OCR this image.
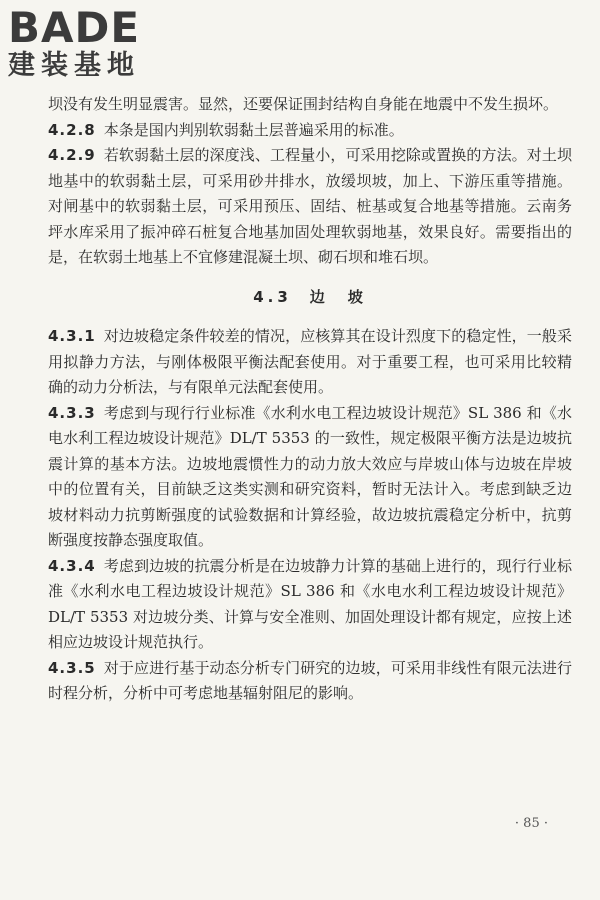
BADE
建装基地

坝没有发生明显震害。显然，还要保证围封结构自身能在地震中不发生损坏。

4.2.8 本条是国内判别软弱黏土层普遍采用的标准。

4.2.9 若软弱黏土层的深度浅、工程量小，可采用挖除或置换的方法。对土坝地基中的软弱黏土层，可采用砂井排水，放缓坝坡，加上、下游压重等措施。对闸基中的软弱黏土层，可采用预压、固结、桩基或复合地基等措施。云南务坪水库采用了振冲碎石桩复合地基加固处理软弱地基，效果良好。需要指出的是，在软弱土地基上不宜修建混凝土坝、砌石坝和堆石坝。

4.3 边　坡

4.3.1 对边坡稳定条件较差的情况，应核算其在设计烈度下的稳定性，一般采用拟静力方法，与刚体极限平衡法配套使用。对于重要工程，也可采用比较精确的动力分析法，与有限单元法配套使用。

4.3.3 考虑到与现行行业标准《水利水电工程边坡设计规范》SL 386 和《水电水利工程边坡设计规范》DL/T 5353 的一致性，规定极限平衡方法是边坡抗震计算的基本方法。边坡地震惯性力的动力放大效应与岸坡山体与边坡在岸坡中的位置有关，目前缺乏这类实测和研究资料，暂时无法计入。考虑到缺乏边坡材料动力抗剪断强度的试验数据和计算经验，故边坡抗震稳定分析中，抗剪断强度按静态强度取值。

4.3.4 考虑到边坡的抗震分析是在边坡静力计算的基础上进行的，现行行业标准《水利水电工程边坡设计规范》SL 386 和《水电水利工程边坡设计规范》DL/T 5353 对边坡分类、计算与安全准则、加固处理设计都有规定，应按上述相应边坡设计规范执行。

4.3.5 对于应进行基于动态分析专门研究的边坡，可采用非线性有限元法进行时程分析，分析中可考虑地基辐射阻尼的影响。

· 85 ·
